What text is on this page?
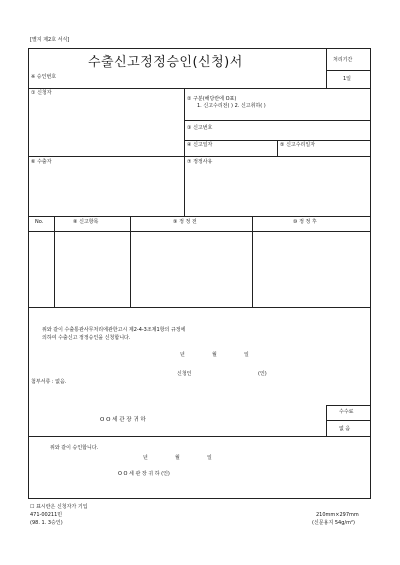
[별지 제2호 서식]
수출신고정정승인(신청)서
※ 승인번호
처리기간
1일
① 신청자
② 구분(해당란에 O표)
1. 신고수리전( ) 2. 신고취하( )
③ 신고번호
④ 신고일자	⑤ 신고수리일자
⑥ 수출자	⑦ 정정사유
No.	⑧ 신고항목	⑨ 정 정 전	⑩ 정 정 후
위와 같이 수출통관사무처리에관한고시 제2-4-3조제1항의 규정에
의하여 수출신고 정정승인을 신청합니다.
년	월	일
신청인	(인)
첨부서류 : 없음.
수수료
없 음
O O 세 관 장 귀 하
위와 같이 승인합니다.
년	월	일
O O 세 관 장 귀 하 (인)
☐ 표시란은 신청자가 기입
471-00211민
(98. 1. 3승인)
210mm×297mm
(신문용지 54g/m²)
